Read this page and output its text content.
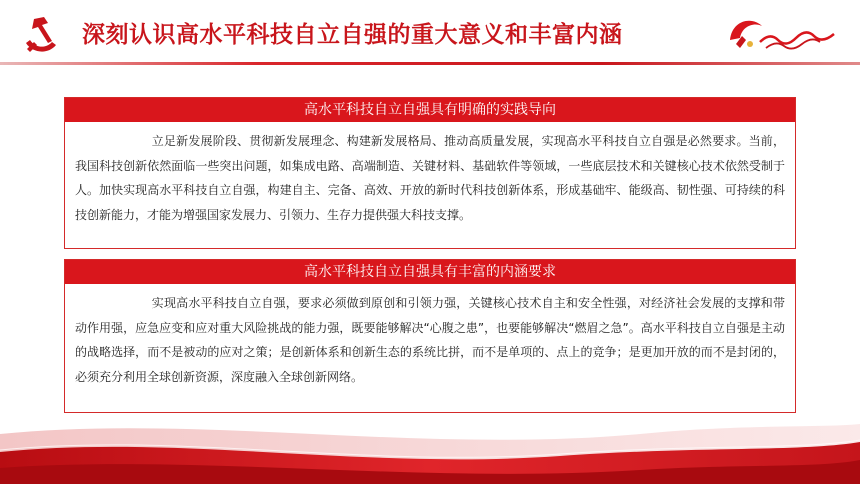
深刻认识高水平科技自立自强的重大意义和丰富内涵
高水平科技自立自强具有明确的实践导向

立足新发展阶段、贯彻新发展理念、构建新发展格局、推动高质量发展，实现高水平科技自立自强是必然要求。当前，我国科技创新依然面临一些突出问题，如集成电路、高端制造、关键材料、基础软件等领域，一些底层技术和关键核心技术依然受制于人。加快实现高水平科技自立自强，构建自主、完备、高效、开放的新时代科技创新体系，形成基础牢、能级高、韧性强、可持续的科技创新能力，才能为增强国家发展力、引领力、生存力提供强大科技支撑。

高水平科技自立自强具有丰富的内涵要求

实现高水平科技自立自强，要求必须做到原创和引领力强，关键核心技术自主和安全性强，对经济社会发展的支撑和带动作用强，应急应变和应对重大风险挑战的能力强，既要能够解决“心腹之患”，也要能够解决“燃眉之急”。高水平科技自立自强是主动的战略选择，而不是被动的应对之策；是创新体系和创新生态的系统比拼，而不是单项的、点上的竞争；是更加开放的而不是封闭的，必须充分利用全球创新资源，深度融入全球创新网络。
